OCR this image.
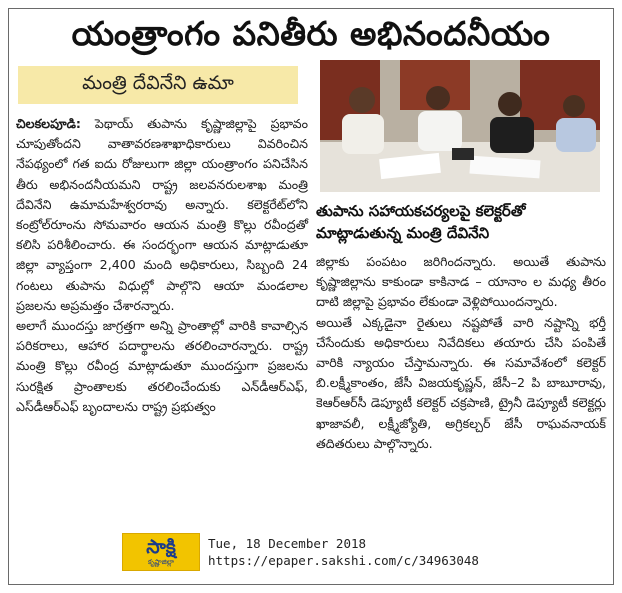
యంత్రాంగం పనితీరు అభినందనీయం
మంత్రి దేవినేని ఉమా
తుపాను సహాయకచర్యలపై కలెక్టర్‌తో మాట్లాడుతున్న మంత్రి దేవినేని

చిలకలపూడి: పెథాయ్‌ తుపాను కృష్ణాజిల్లాపై ప్రభావం చూపుతోందని వాతావరణశాఖాధికారులు వివరించిన నేపథ్యంలో గత ఐదు రోజులుగా జిల్లా యంత్రాంగం పనిచేసిన తీరు అభినందనీయమని రాష్ట్ర జలవనరులశాఖ మంత్రి దేవినేని ఉమామహేశ్వరరావు అన్నారు. కలెక్టరేట్‌లోని కంట్రోల్‌రూంను సోమవారం ఆయన మంత్రి కొల్లు రవీంద్రతో కలిసి పరిశీలించారు. ఈ సందర్భంగా ఆయన మాట్లాడుతూ జిల్లా వ్యాప్తంగా 2,400 మంది అధికారులు, సిబ్బంది 24 గంటలు తుపాను విధుల్లో పాల్గొని ఆయా మండలాల ప్రజలను అప్రమత్తం చేశారన్నారు.

అలాగే ముందస్తు జాగ్రత్తగా అన్ని ప్రాంతాల్లో వారికి కావాల్సిన పరికరాలు, ఆహార పదార్థాలను తరలించారన్నారు. రాష్ట్ర మంత్రి కొల్లు రవీంద్ర మాట్లాడుతూ ముందస్తుగా ప్రజలను సురక్షిత ప్రాంతాలకు తరలించేందుకు ఎన్‌డీఆర్‌ఎఫ్‌, ఎస్‌డీఆర్‌ఎఫ్‌ బృందాలను రాష్ట్ర ప్రభుత్వం

జిల్లాకు పంపటం జరిగిందన్నారు. అయితే తుపాను కృష్ణాజిల్లాను కాకుండా కాకినాడ – యానాం ల మధ్య తీరం దాటి జిల్లాపై ప్రభావం లేకుండా వెళ్లిపోయిందన్నారు.

అయితే ఎక్కడైనా రైతులు నష్టపోతే వారి నష్టాన్ని భర్తీ చేసేందుకు అధికారులు నివేదికలు తయారు చేసి పంపితే వారికి న్యాయం చేస్తామన్నారు. ఈ సమావేశంలో కలెక్టర్‌ బి.లక్ష్మీకాంతం, జేసీ విజయకృష్ణన్‌, జేసీ–2 పి బాబూరావు, కెఆర్‌ఆర్‌సీ డెప్యూటీ కలెక్టర్‌ చక్రపాణి, ట్రైనీ డెప్యూటీ కలెక్టర్లు ఖాజావలీ, లక్ష్మీజ్యోతి, అగ్రికల్చర్‌ జేసీ రాఘవనాయక్‌ తదితరులు పాల్గొన్నారు.

సాక్షి
కృష్ణాజిల్లా
Tue, 18 December 2018
https://epaper.sakshi.com/c/34963048
